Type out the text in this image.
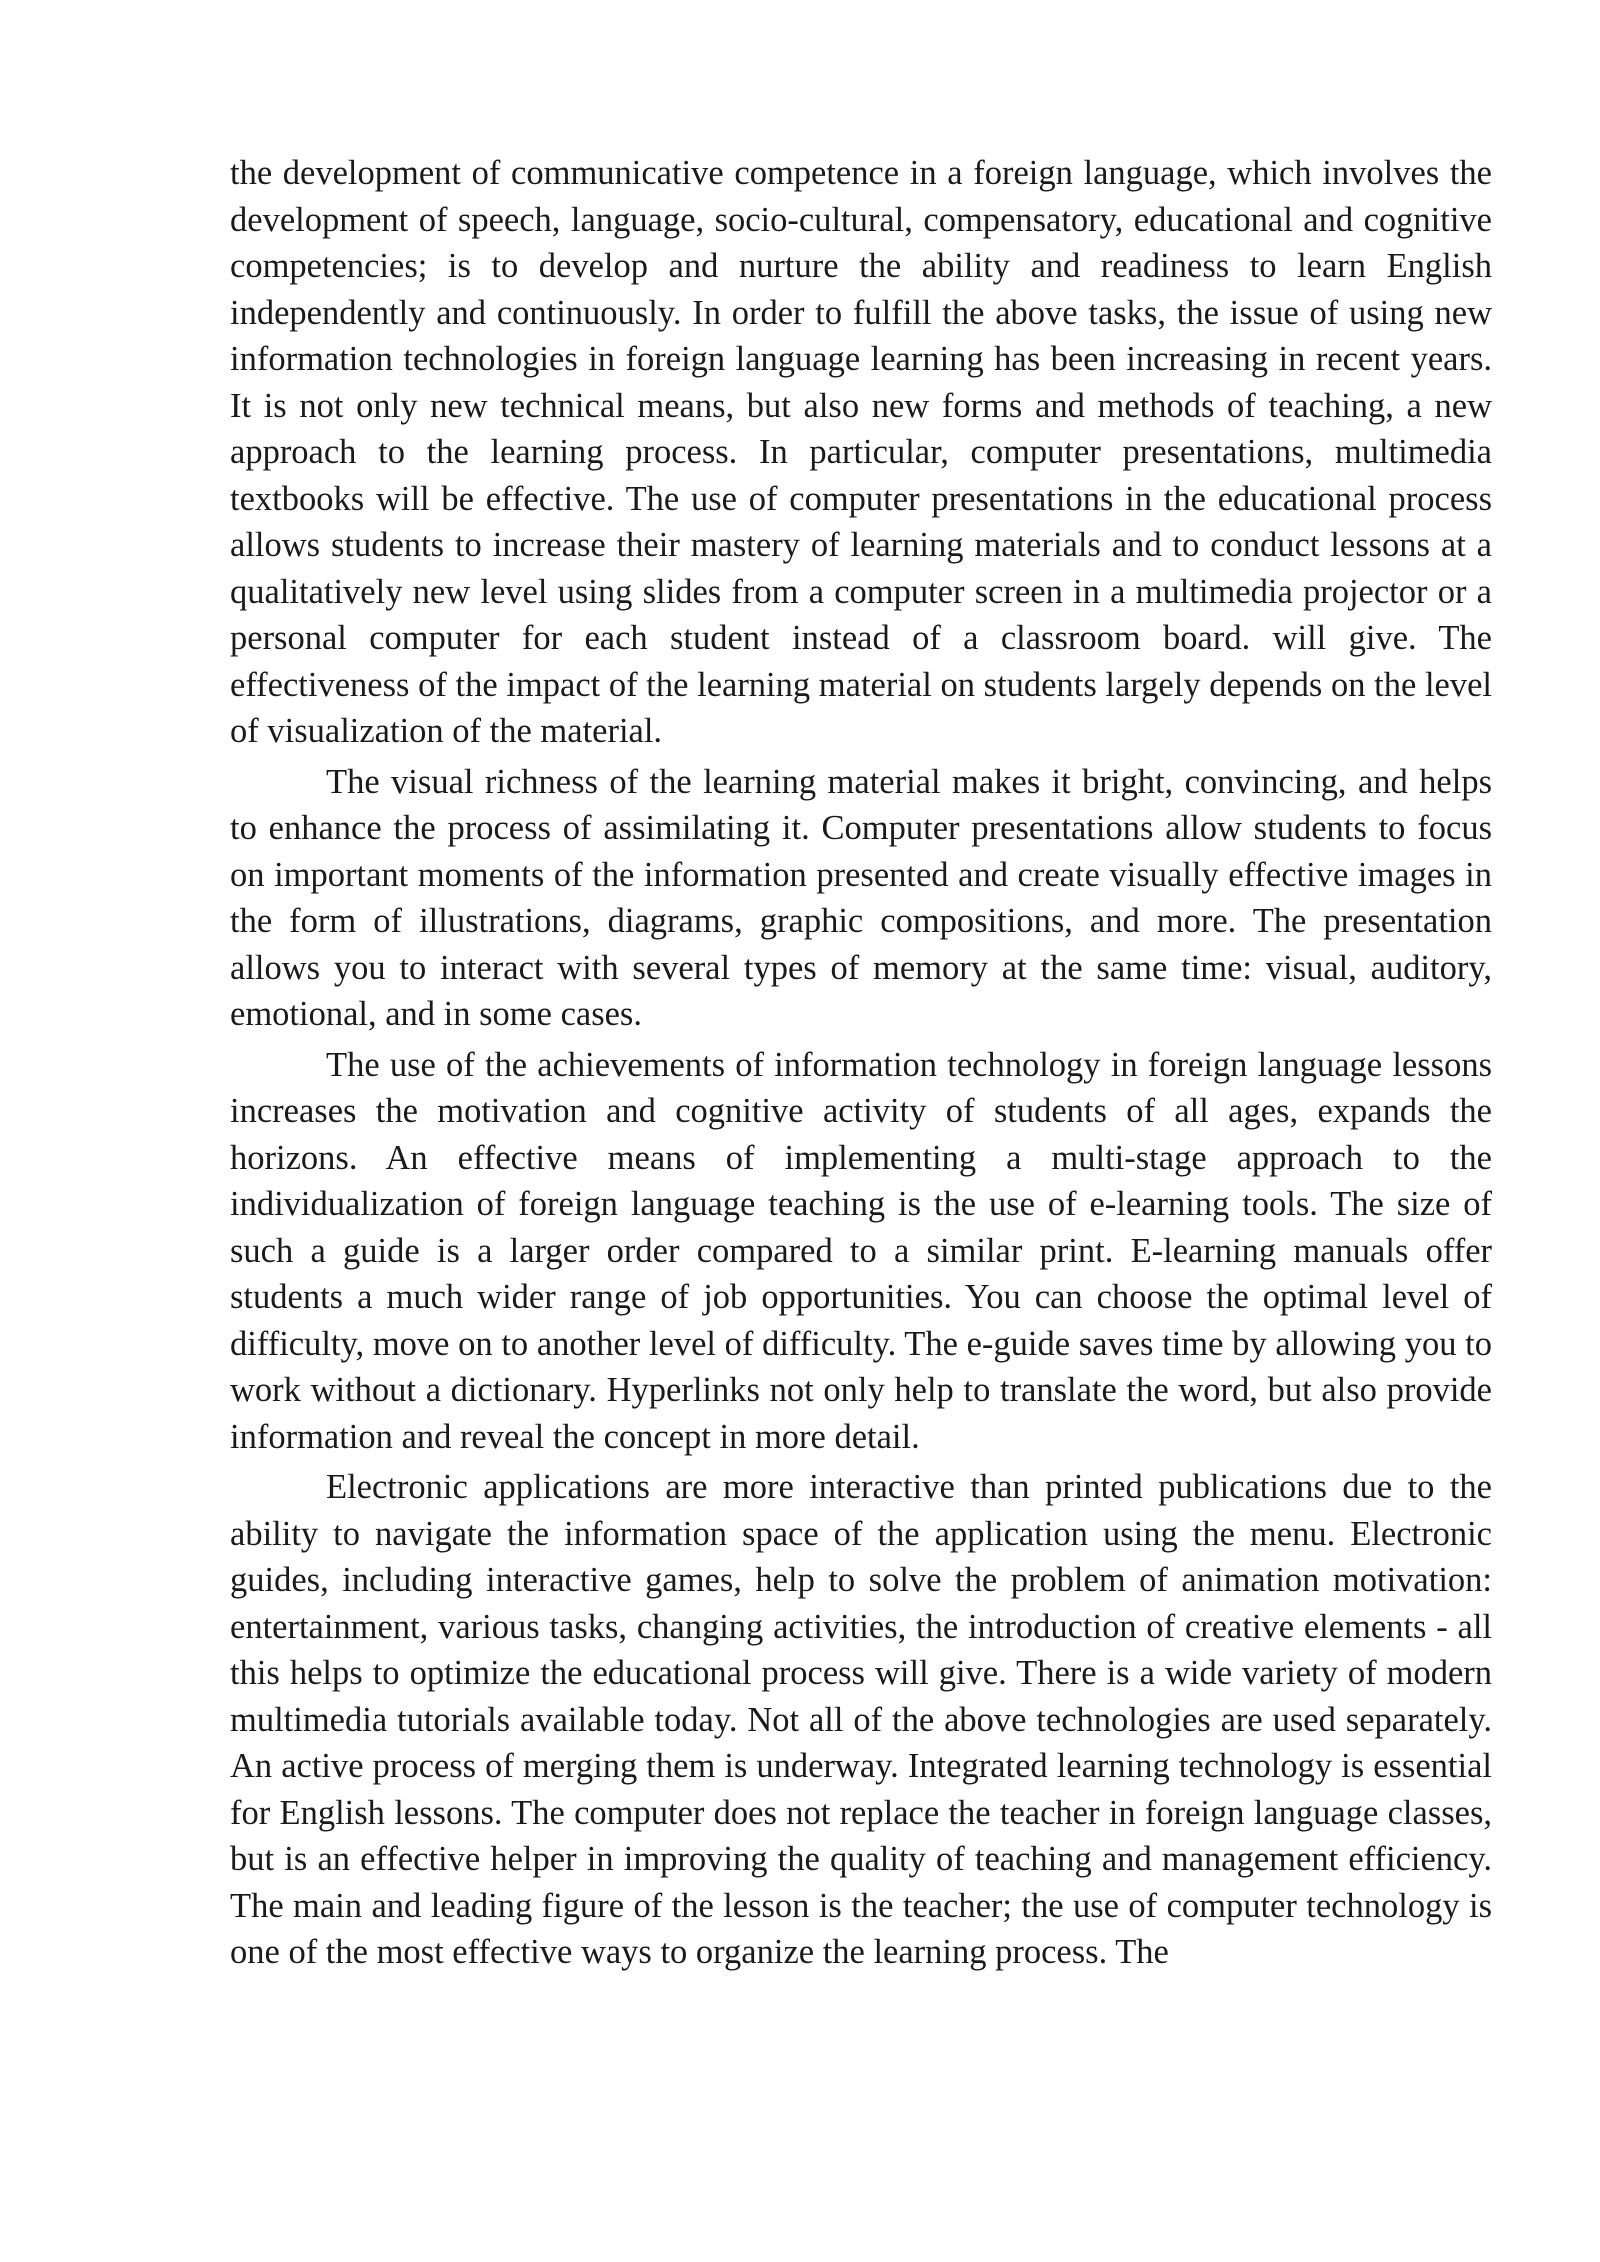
the development of communicative competence in a foreign language, which involves the development of speech, language, socio-cultural, compensatory, educational and cognitive competencies; is to develop and nurture the ability and readiness to learn English independently and continuously. In order to fulfill the above tasks, the issue of using new information technologies in foreign language learning has been increasing in recent years. It is not only new technical means, but also new forms and methods of teaching, a new approach to the learning process. In particular, computer presentations, multimedia textbooks will be effective. The use of computer presentations in the educational process allows students to increase their mastery of learning materials and to conduct lessons at a qualitatively new level using slides from a computer screen in a multimedia projector or a personal computer for each student instead of a classroom board. will give. The effectiveness of the impact of the learning material on students largely depends on the level of visualization of the material.

The visual richness of the learning material makes it bright, convincing, and helps to enhance the process of assimilating it. Computer presentations allow students to focus on important moments of the information presented and create visually effective images in the form of illustrations, diagrams, graphic compositions, and more. The presentation allows you to interact with several types of memory at the same time: visual, auditory, emotional, and in some cases.

The use of the achievements of information technology in foreign language lessons increases the motivation and cognitive activity of students of all ages, expands the horizons. An effective means of implementing a multi-stage approach to the individualization of foreign language teaching is the use of e-learning tools. The size of such a guide is a larger order compared to a similar print. E-learning manuals offer students a much wider range of job opportunities. You can choose the optimal level of difficulty, move on to another level of difficulty. The e-guide saves time by allowing you to work without a dictionary. Hyperlinks not only help to translate the word, but also provide information and reveal the concept in more detail.

Electronic applications are more interactive than printed publications due to the ability to navigate the information space of the application using the menu. Electronic guides, including interactive games, help to solve the problem of animation motivation: entertainment, various tasks, changing activities, the introduction of creative elements - all this helps to optimize the educational process will give. There is a wide variety of modern multimedia tutorials available today. Not all of the above technologies are used separately. An active process of merging them is underway. Integrated learning technology is essential for English lessons. The computer does not replace the teacher in foreign language classes, but is an effective helper in improving the quality of teaching and management efficiency. The main and leading figure of the lesson is the teacher; the use of computer technology is one of the most effective ways to organize the learning process. The
